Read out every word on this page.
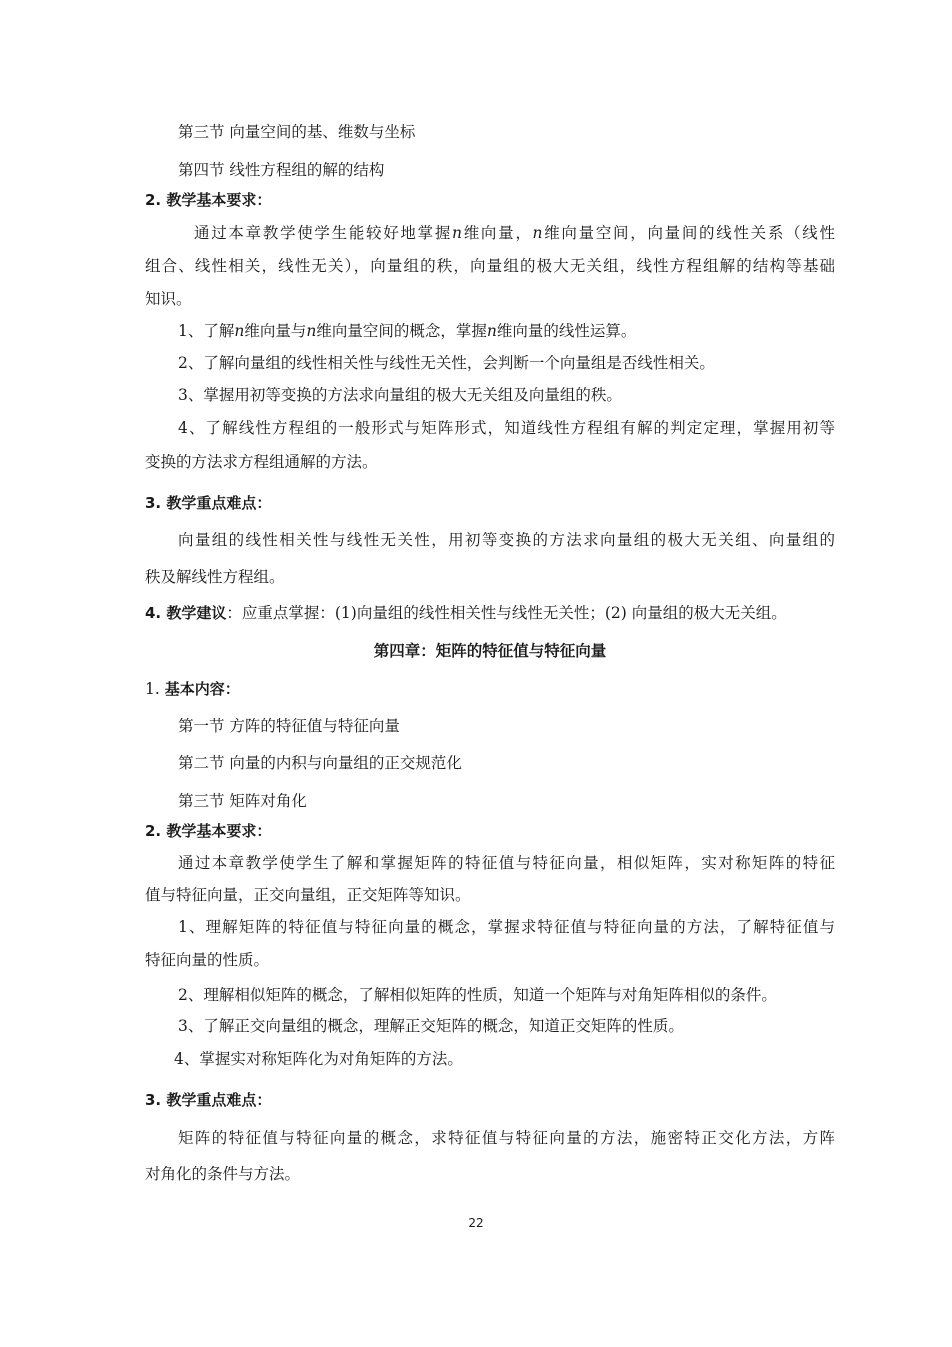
第三节 向量空间的基、维数与坐标
第四节 线性方程组的解的结构
2. 教学基本要求：
通过本章教学使学生能较好地掌握n维向量，n维向量空间，向量间的线性关系（线性
组合、线性相关，线性无关），向量组的秩，向量组的极大无关组，线性方程组解的结构等基础
知识。
1、了解n维向量与n维向量空间的概念，掌握n维向量的线性运算。
2、了解向量组的线性相关性与线性无关性，会判断一个向量组是否线性相关。
3、掌握用初等变换的方法求向量组的极大无关组及向量组的秩。
4、了解线性方程组的一般形式与矩阵形式，知道线性方程组有解的判定定理，掌握用初等
变换的方法求方程组通解的方法。
3. 教学重点难点：
向量组的线性相关性与线性无关性，用初等变换的方法求向量组的极大无关组、向量组的
秩及解线性方程组。
4. 教学建议：应重点掌握：(1)向量组的线性相关性与线性无关性；(2) 向量组的极大无关组。
第四章：矩阵的特征值与特征向量
1. 基本内容：
第一节 方阵的特征值与特征向量
第二节 向量的内积与向量组的正交规范化
第三节 矩阵对角化
2. 教学基本要求：
通过本章教学使学生了解和掌握矩阵的特征值与特征向量，相似矩阵，实对称矩阵的特征
值与特征向量，正交向量组，正交矩阵等知识。
1、理解矩阵的特征值与特征向量的概念，掌握求特征值与特征向量的方法，了解特征值与
特征向量的性质。
2、理解相似矩阵的概念，了解相似矩阵的性质，知道一个矩阵与对角矩阵相似的条件。
3、了解正交向量组的概念，理解正交矩阵的概念，知道正交矩阵的性质。
4、掌握实对称矩阵化为对角矩阵的方法。
3. 教学重点难点：
矩阵的特征值与特征向量的概念，求特征值与特征向量的方法，施密特正交化方法，方阵
对角化的条件与方法。
22
